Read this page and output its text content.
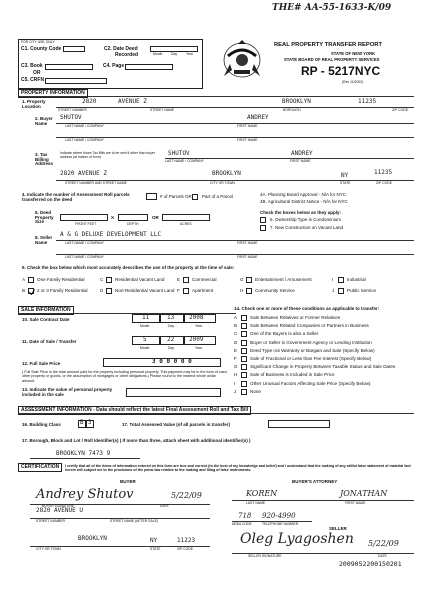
THE# AA-55-1633-K/09
FOR CITY USE ONLY
C1. County Code	C2. Date Deed
Recorded	Month	Day	Year
C3. Book	C4. Page
OR
C5. CRFN
REAL PROPERTY TRANSFER REPORT
STATE OF NEW YORK
STATE BOARD OF REAL PROPERTY SERVICES
RP - 5217NYC
(Rev 11/2002)
PROPERTY INFORMATION
1. Property Location
2820	AVENUE Z	BROOKLYN	11235
STREET NUMBER	STREET NAME	BOROUGH	ZIP CODE
2. Buyer Name
SHUTOV	ANDREY
LAST NAME / COMPANY	FIRST NAME
LAST NAME / COMPANY	FIRST NAME
3. Tax Billing Address
Indicate where future Tax Bills are to be sent if other than buyer address (at bottom of form)	SHUTOV	ANDREY
LAST NAME / COMPANY	FIRST NAME
2820 AVENUE Z	BROOKLYN	NY	11235
STREET NUMBER AND STREET NAME	CITY OR TOWN	STATE	ZIP CODE
4. Indicate the number of Assessment Roll parcels transferred on the deed
# of Parcels OR Part of a Parcel	4A. Planning Board Approval - N/A for NYC
4B. Agricultural District Notice - N/A for NYC
Check the boxes below as they apply:
6. Ownership Type is Condominium
7. New Construction on Vacant Land
5. Deed Property Size
X	OR
FRONT FEET	DEPTH	ACRES
8. Seller Name
A & G DELUXE DEVELOPMENT LLC
LAST NAME / COMPANY	FIRST NAME
LAST NAME / COMPANY	FIRST NAME
9. Check the box below which most accurately describes the use of the property at the time of sale:
A	One Family Residential
B	2 or 3 Family Residential
C	Residential Vacant Land
D	Non-Residential Vacant Land
E	Commercial
F	Apartment
G Entertainment / Amusement
H	Community Service
I	Industrial
J	Public Service
SALE INFORMATION
10. Sale Contract Date	11	13 2008
Month	Day	Year
11. Date of Sale / Transfer	5	22 2009
Month	Day	Year
12. Full Sale Price	3 0 0 0 0 0
( Full Sale Price is the total amount paid for the property including personal property. This payment may be in the form of cash, other property or goods, or the assumption of mortgages or other obligations.) Please round to the nearest whole dollar amount.
13. Indicate the value of personal property included in the sale
14. Check one or more of these conditions as applicable to transfer:
A	Sale Between Relatives or Former Relatives
B	Sale Between Related Companies or Partners in Business
C	One of the Buyers is also a Seller
D	Buyer or Seller is Government Agency or Lending Institution
E	Deed Type not Warranty or Bargain and Sale (Specify Below)
F	Sale of Fractional or Less than Fee Interest (Specify Below)
G	Significant Change in Property Between Taxable Status and Sale Dates
H	Sale of Business is Included in Sale Price
I	Other Unusual Factors Affecting Sale Price (Specify Below)
J	None
ASSESSMENT INFORMATION - Data should reflect the latest Final Assessment Roll and Tax Bill
16. Building Class	B 3	17. Total Assessed Value (of all parcels in transfer)
17. Borough, Block and Lot / Roll Identifier(s) ( If more than three, attach sheet with additional identifier(s) )
BROOKLYN 7473 9
CERTIFICATION	I certify that all of the items of information entered on this form are true and correct (to the best of my knowledge and belief) and I understand that the making of any willful false statement of material fact herein will subject me to the provisions of the penal law relative to the making and filing of false instruments.
BUYER	BUYER'S ATTORNEY
Andrey Shutov	5/22/09
BUYER SIGNATURE	DATE
2820 AVENUE U
STREET NUMBER	STREET NAME (AFTER SALE)
BROOKLYN	NY	11223
CITY OR TOWN	STATE	ZIP CODE
KOREN	JONATHAN
LAST NAME	FIRST NAME
718 920-4990
AREA CODE	TELEPHONE NUMBER
SELLER
Oleg Lyagoshen 5/22/09
SELLER SIGNATURE	DATE
2009052200150201
